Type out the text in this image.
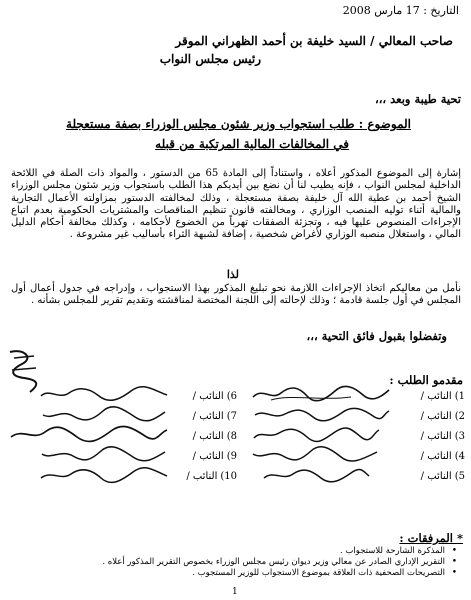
التاريخ : 17 مارس 2008
صاحب المعالي / السيد خليفة بن أحمد الظهراني الموقر
رئيس مجلس النواب
تحية طيبة وبعد ،،،
الموضوع : طلب استجواب وزير شئون مجلس الوزراء بصفة مستعجلة
في المخالفات المالية المرتكبة من قبله
إشارة إلى الموضوع المذكور أعلاه ، واستناداً إلى المادة 65 من الدستور ، والمواد ذات الصلة في اللائحة الداخلية لمجلس النواب ، فإنه يطيب لنا أن نضع بين أيديكم هذا الطلب باستجواب وزير شئون مجلس الوزراء الشيخ أحمد بن عطية الله آل خليفة بصفة مستعجلة ، وذلك لمخالفته الدستور بمزاولته الأعمال التجارية والمالية أثناء توليه المنصب الوزاري ، ومخالفته قانون تنظيم المناقصات والمشتريات الحكومية بعدم اتباع الإجراءات المنصوص عليها فيه ، وتجزئة الصفقات تهرباً من الخضوع لأحكامه ، وكذلك مخالفة أحكام الدليل المالي ، واستغلال منصبه الوزاري لأغراض شخصية ، إضافة لشبهة الثراء بأساليب غير مشروعة .
لذا
نأمل من معاليكم اتخاذ الإجراءات اللازمة نحو تبليغ المذكور بهذا الاستجواب ، وإدراجه في جدول أعمال أول المجلس في أول جلسة قادمة ؛ وذلك لإحالته إلى اللجنة المختصة لمناقشته وتقديم تقرير للمجلس بشأنه .
وتفضلوا بقبول فائق التحية ،،،
مقدمو الطلب :
1)
النائب /
2)
النائب /
3)
النائب /
4)
النائب /
5)
النائب /
6)
النائب /
7)
النائب /
8)
النائب /
9)
النائب /
10)
النائب /
* المرفقات :
• المذكرة الشارحة للاستجواب .
• التقرير الإداري الصادر عن معالي وزير ديوان رئيس مجلس الوزراء بخصوص التقرير المذكور أعلاه .
• التصريحات الصحفية ذات العلاقة بموضوع الاستجواب للوزير المستجوب .
1
